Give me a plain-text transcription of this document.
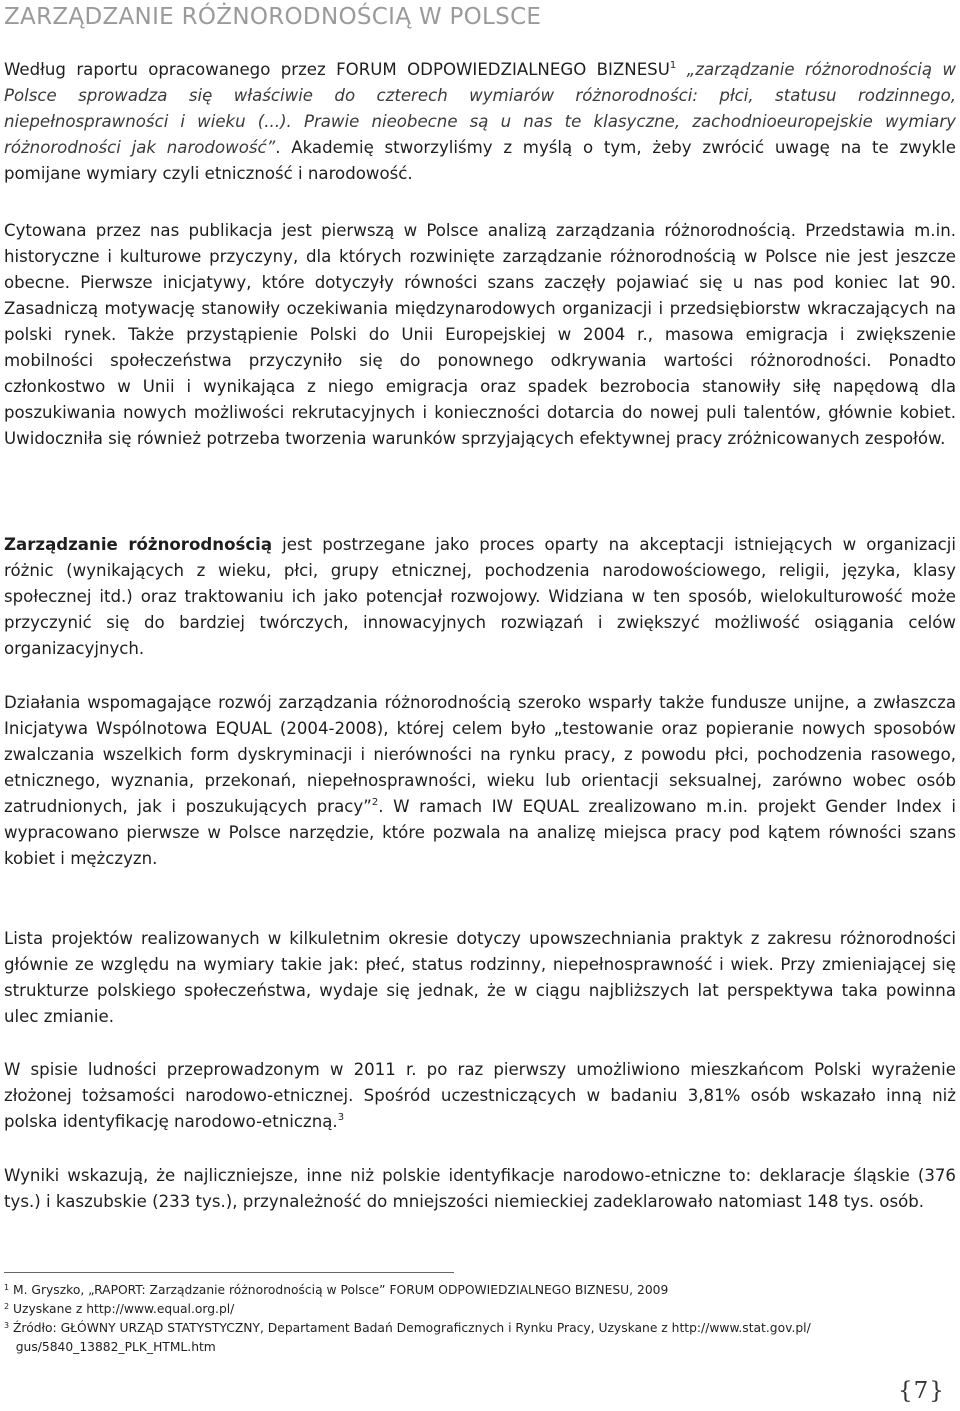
ZARZĄDZANIE RÓŻNORODNOŚCIĄ W POLSCE

Według raportu opracowanego przez FORUM ODPOWIEDZIALNEGO BIZNESU$^1$ „zarządzanie różnorodnością w Polsce sprowadza się właściwie do czterech wymiarów różnorodności: płci, statusu rodzinnego, niepełnosprawności i wieku (...). Prawie nieobecne są u nas te klasyczne, zachodnioeuropejskie wymiary różnorodności jak narodowość”. Akademię stworzyliśmy z myślą o tym, żeby zwrócić uwagę na te zwykle pomijane wymiary czyli etniczność i narodowość.

Cytowana przez nas publikacja jest pierwszą w Polsce analizą zarządzania różnorodnością. Przedstawia m.in. historyczne i kulturowe przyczyny, dla których rozwinięte zarządzanie różnorodnością w Polsce nie jest jeszcze obecne. Pierwsze inicjatywy, które dotyczyły równości szans zaczęły pojawiać się u nas pod koniec lat 90. Zasadniczą motywację stanowiły oczekiwania międzynarodowych organizacji i przedsiębiorstw wkraczających na polski rynek. Także przystąpienie Polski do Unii Europejskiej w 2004 r., masowa emigracja i zwiększenie mobilności społeczeństwa przyczyniło się do ponownego odkrywania wartości różnorodności. Ponadto członkostwo w Unii i wynikająca z niego emigracja oraz spadek bezrobocia stanowiły siłę napędową dla poszukiwania nowych możliwości rekrutacyjnych i konieczności dotarcia do nowej puli talentów, głównie kobiet. Uwidoczniła się również potrzeba tworzenia warunków sprzyjających efektywnej pracy zróżnicowanych zespołów.

Zarządzanie różnorodnością jest postrzegane jako proces oparty na akceptacji istniejących w organizacji różnic (wynikających z wieku, płci, grupy etnicznej, pochodzenia narodowościowego, religii, języka, klasy społecznej itd.) oraz traktowaniu ich jako potencjał rozwojowy. Widziana w ten sposób, wielokulturowość może przyczynić się do bardziej twórczych, innowacyjnych rozwiązań i zwiększyć możliwość osiągania celów organizacyjnych.

Działania wspomagające rozwój zarządzania różnorodnością szeroko wsparły także fundusze unijne, a zwłaszcza Inicjatywa Wspólnotowa EQUAL (2004-2008), której celem było „testowanie oraz popieranie nowych sposobów zwalczania wszelkich form dyskryminacji i nierówności na rynku pracy, z powodu płci, pochodzenia rasowego, etnicznego, wyznania, przekonań, niepełnosprawności, wieku lub orientacji seksualnej, zarówno wobec osób zatrudnionych, jak i poszukujących pracy”$^2$. W ramach IW EQUAL zrealizowano m.in. projekt Gender Index i wypracowano pierwsze w Polsce narzędzie, które pozwala na analizę miejsca pracy pod kątem równości szans kobiet i mężczyzn.

Lista projektów realizowanych w kilkuletnim okresie dotyczy upowszechniania praktyk z zakresu różnorodności głównie ze względu na wymiary takie jak: płeć, status rodzinny, niepełnosprawność i wiek. Przy zmieniającej się strukturze polskiego społeczeństwa, wydaje się jednak, że w ciągu najbliższych lat perspektywa taka powinna ulec zmianie.

W spisie ludności przeprowadzonym w 2011 r. po raz pierwszy umożliwiono mieszkańcom Polski wyrażenie złożonej tożsamości narodowo-etnicznej. Spośród uczestniczących w badaniu 3,81% osób wskazało inną niż polska identyfikację narodowo-etniczną.$^3$

Wyniki wskazują, że najliczniejsze, inne niż polskie identyfikacje narodowo-etniczne to: deklaracje śląskie (376 tys.) i kaszubskie (233 tys.), przynależność do mniejszości niemieckiej zadeklarowało natomiast 148 tys. osób.

$^1$ M. Gryszko, „RAPORT: Zarządzanie różnorodnością w Polsce” FORUM ODPOWIEDZIALNEGO BIZNESU, 2009

$^2$ Uzyskane z http://www.equal.org.pl/

$^3$ Źródło: GŁÓWNY URZĄD STATYSTYCZNY, Departament Badań Demograficznych i Rynku Pracy, Uzyskane z http://www.stat.gov.pl/

gus/5840_13882_PLK_HTML.htm

{7}
